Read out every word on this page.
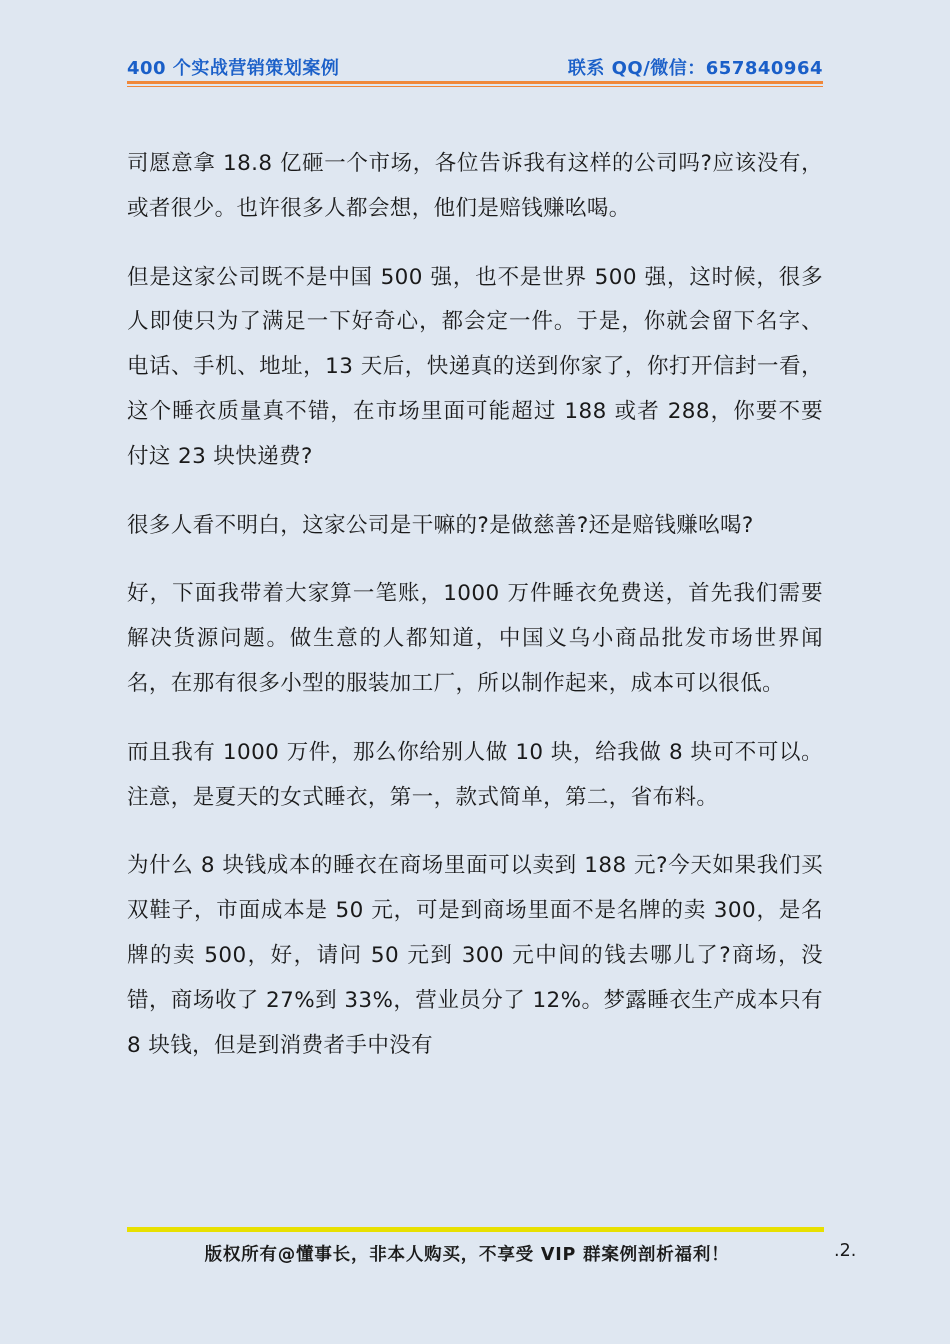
400 个实战营销策划案例	联系 QQ/微信：657840964

司愿意拿 18.8 亿砸一个市场，各位告诉我有这样的公司吗?应该没有，或者很少。也许很多人都会想，他们是赔钱赚吆喝。

但是这家公司既不是中国 500 强，也不是世界 500 强，这时候，很多人即使只为了满足一下好奇心，都会定一件。于是，你就会留下名字、电话、手机、地址，13 天后，快递真的送到你家了，你打开信封一看，这个睡衣质量真不错，在市场里面可能超过 188 或者 288，你要不要付这 23 块快递费?

很多人看不明白，这家公司是干嘛的?是做慈善?还是赔钱赚吆喝?

好，下面我带着大家算一笔账，1000 万件睡衣免费送，首先我们需要解决货源问题。做生意的人都知道，中国义乌小商品批发市场世界闻名，在那有很多小型的服装加工厂，所以制作起来，成本可以很低。

而且我有 1000 万件，那么你给别人做 10 块，给我做 8 块可不可以。注意，是夏天的女式睡衣，第一，款式简单，第二，省布料。

为什么 8 块钱成本的睡衣在商场里面可以卖到 188 元?今天如果我们买双鞋子，市面成本是 50 元，可是到商场里面不是名牌的卖 300，是名牌的卖 500，好，请问 50 元到 300 元中间的钱去哪儿了?商场，没错，商场收了 27%到 33%，营业员分了 12%。梦露睡衣生产成本只有 8 块钱，但是到消费者手中没有

版权所有@懂事长，非本人购买，不享受 VIP 群案例剖析福利！	.2.
